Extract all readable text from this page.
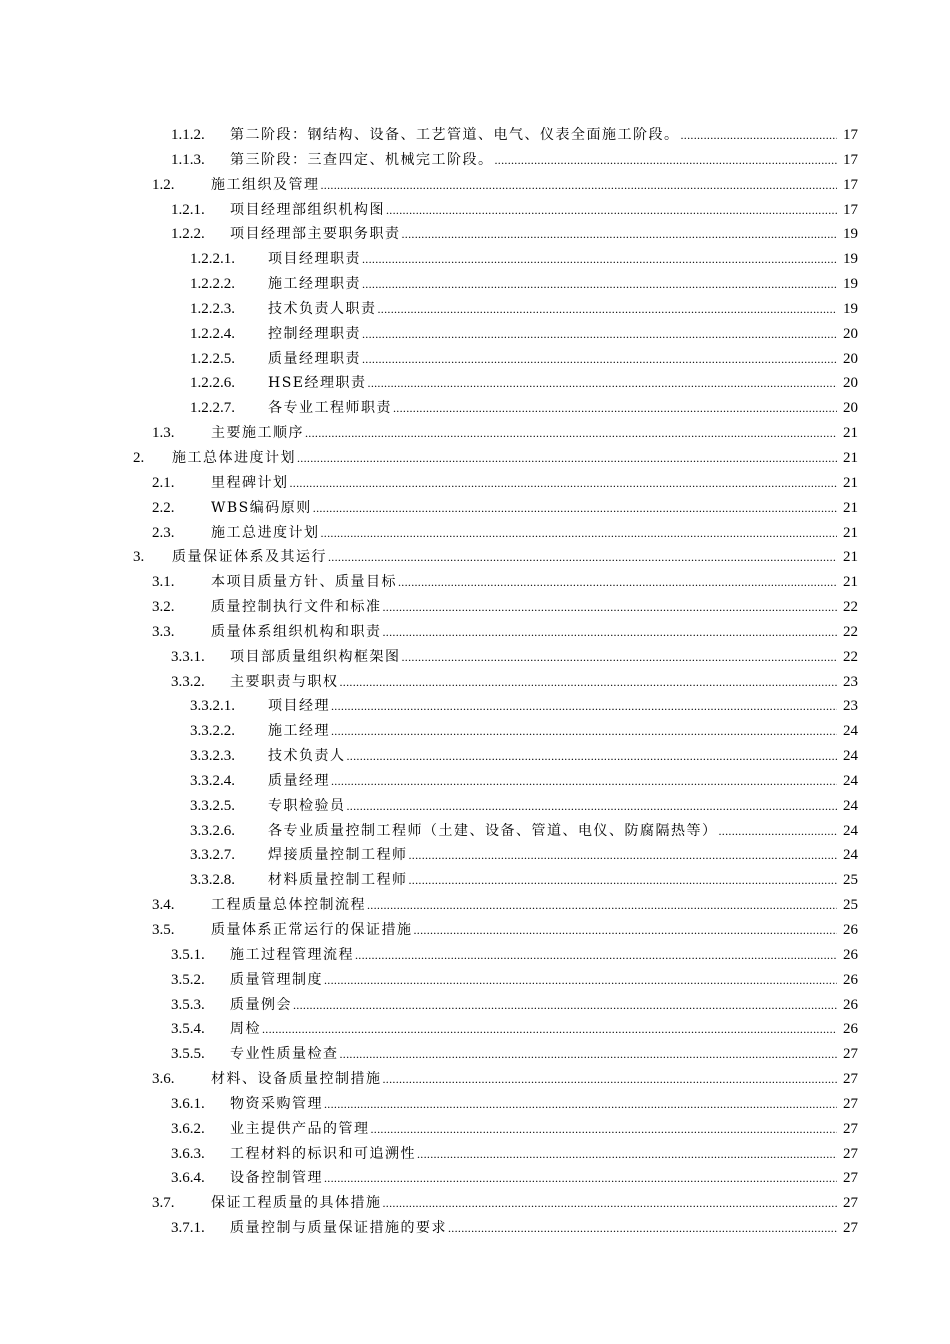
1.1.2. 第二阶段：钢结构、设备、工艺管道、电气、仪表全面施工阶段。 .....	17
1.1.3. 第三阶段：三查四定、机械完工阶段。 .....	17
1.2.	施工组织及管理 .....	17
1.2.1. 项目经理部组织机构图 .....	17
1.2.2. 项目经理部主要职务职责 .....	19
1.2.2.1. 项目经理职责 .....	19
1.2.2.2. 施工经理职责 .....	19
1.2.2.3. 技术负责人职责 .....	19
1.2.2.4. 控制经理职责 .....	20
1.2.2.5. 质量经理职责 .....	20
1.2.2.6. HSE经理职责 .....	20
1.2.2.7. 各专业工程师职责 .....	20
1.3.	主要施工顺序 .....	21
2. 施工总体进度计划 .....	21
2.1.	里程碑计划 .....	21
2.2.	WBS编码原则 .....	21
2.3.	施工总进度计划 .....	21
3. 质量保证体系及其运行 .....	21
3.1.	本项目质量方针、质量目标 .....	21
3.2.	质量控制执行文件和标准 .....	22
3.3.	质量体系组织机构和职责 .....	22
3.3.1. 项目部质量组织构框架图 .....	22
3.3.2. 主要职责与职权 .....	23
3.3.2.1. 项目经理 .....	23
3.3.2.2. 施工经理 .....	24
3.3.2.3. 技术负责人 .....	24
3.3.2.4. 质量经理 .....	24
3.3.2.5. 专职检验员 .....	24
3.3.2.6. 各专业质量控制工程师（土建、设备、管道、电仪、防腐隔热等） .....	24
3.3.2.7. 焊接质量控制工程师 .....	24
3.3.2.8. 材料质量控制工程师 .....	25
3.4.	工程质量总体控制流程 .....	25
3.5.	质量体系正常运行的保证措施 .....	26
3.5.1. 施工过程管理流程 .....	26
3.5.2. 质量管理制度 .....	26
3.5.3. 质量例会 .....	26
3.5.4. 周检 .....	26
3.5.5. 专业性质量检查 .....	27
3.6.	材料、设备质量控制措施 .....	27
3.6.1. 物资采购管理 .....	27
3.6.2. 业主提供产品的管理 .....	27
3.6.3. 工程材料的标识和可追溯性 .....	27
3.6.4. 设备控制管理 .....	27
3.7.	保证工程质量的具体措施 .....	27
3.7.1. 质量控制与质量保证措施的要求 .....	27
